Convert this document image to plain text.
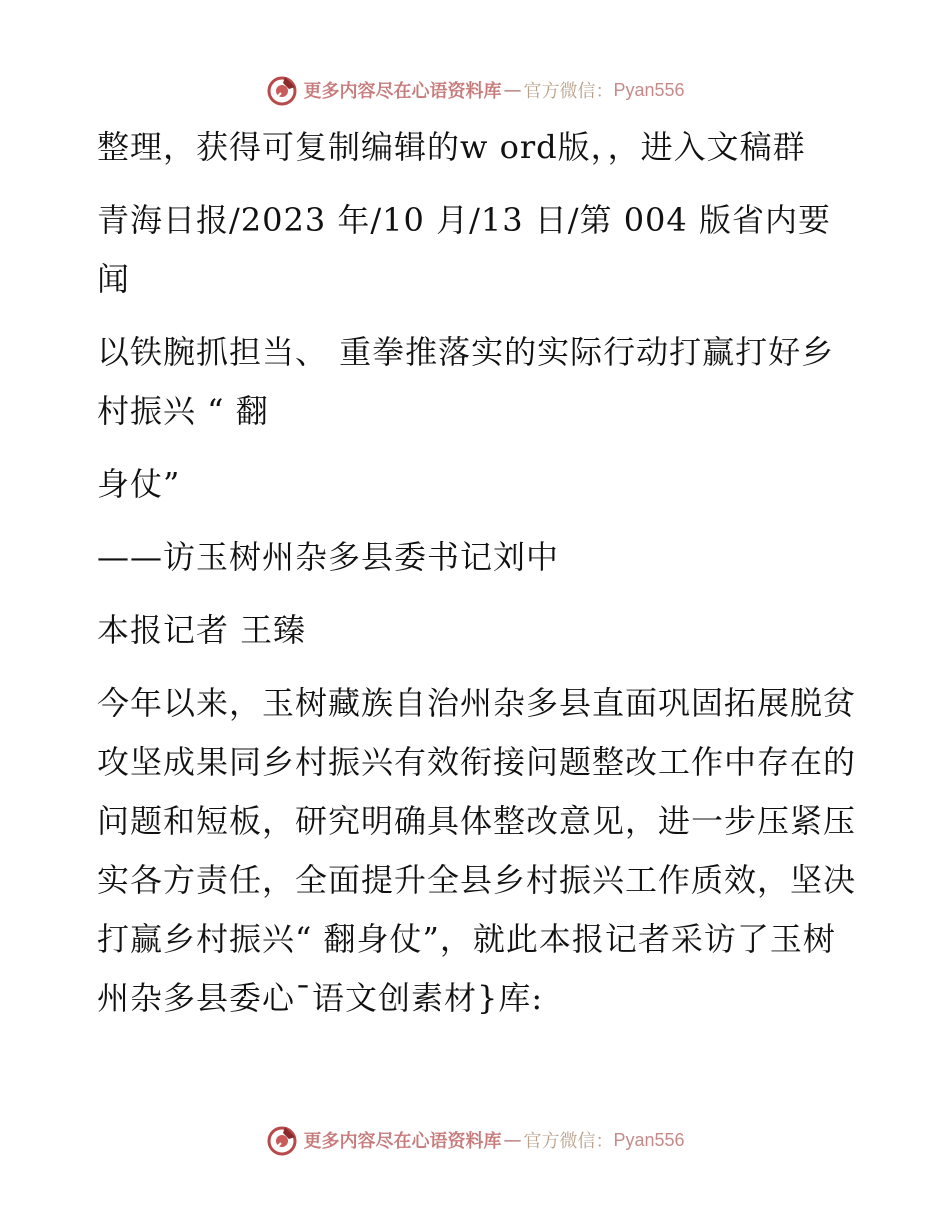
更多内容尽在心语资料库 — 官方微信： Pyan556

整理，获得可复制编辑的w ord版，，进入文稿群

青海日报/2023 年/10 月/13 日/第 004 版省内要闻

以铁腕抓担当、 重拳推落实的实际行动打赢打好乡村振兴 “ 翻

身仗”

——访玉树州杂多县委书记刘中

本报记者 王臻

今年以来，玉树藏族自治州杂多县直面巩固拓展脱贫攻坚成果同乡村振兴有效衔接问题整改工作中存在的问题和短板，研究明确具体整改意见，进一步压紧压实各方责任，全面提升全县乡村振兴工作质效，坚决打赢乡村振兴“ 翻身仗”，就此本报记者采访了玉树州杂多县委心¯语文创素材}库:

更多内容尽在心语资料库 — 官方微信： Pyan556
